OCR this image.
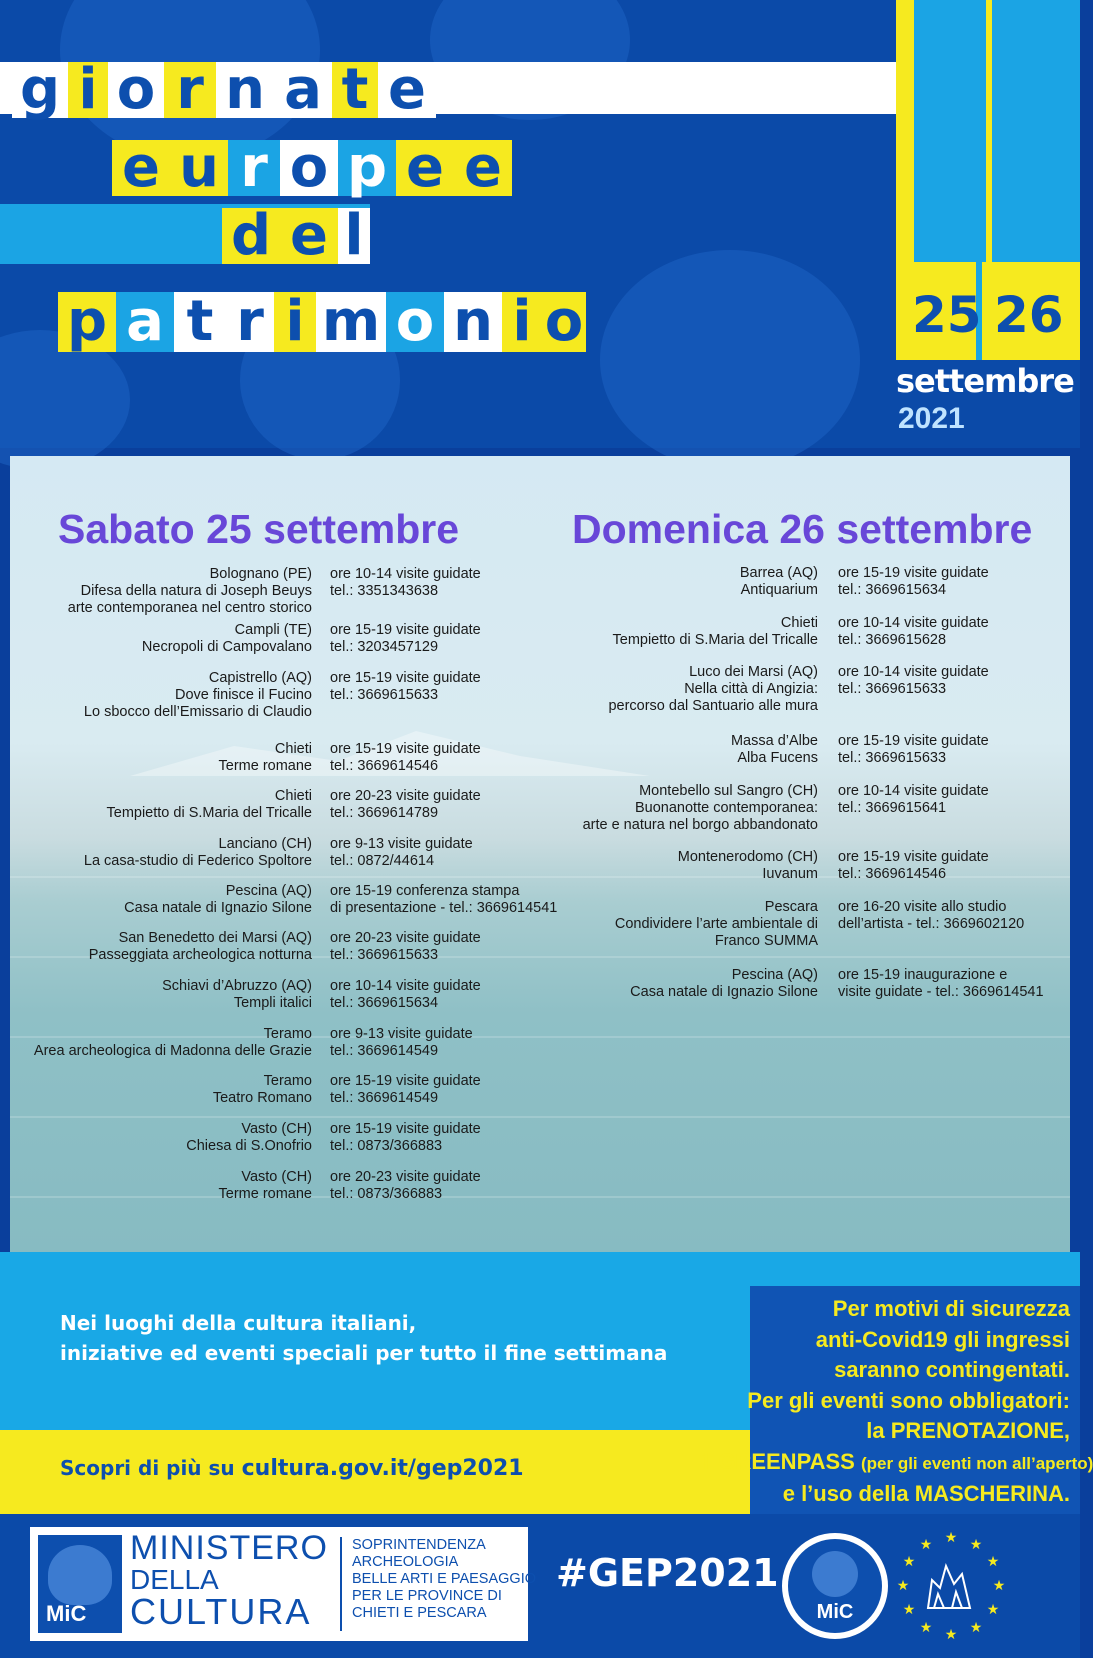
g i o r n a t e
e u r o p e e
d e l
p a t r i m o n i o	25 26
settembre
2021
Sabato 25 settembre	Domenica 26 settembre
Bolognano (PE)
Difesa della natura di Joseph Beuys
arte contemporanea nel centro storico
ore 10-14 visite guidate
tel.: 3351343638
Campli (TE)
Necropoli di Campovalano
ore 15-19 visite guidate
tel.: 3203457129
Capistrello (AQ)
Dove finisce il Fucino
Lo sbocco dell’Emissario di Claudio
ore 15-19 visite guidate
tel.: 3669615633
Chieti
Terme romane
ore 15-19 visite guidate
tel.: 3669614546
Chieti
Tempietto di S.Maria del Tricalle
ore 20-23 visite guidate
tel.: 3669614789
Lanciano (CH)
La casa-studio di Federico Spoltore
ore 9-13 visite guidate
tel.: 0872/44614
Pescina (AQ)
Casa natale di Ignazio Silone
ore 15-19 conferenza stampa
di presentazione - tel.: 3669614541
San Benedetto dei Marsi (AQ)
Passeggiata archeologica notturna
ore 20-23 visite guidate
tel.: 3669615633
Schiavi d’Abruzzo (AQ)
Templi italici
ore 10-14 visite guidate
tel.: 3669615634
Teramo
Area archeologica di Madonna delle Grazie
ore 9-13 visite guidate
tel.: 3669614549
Teramo
Teatro Romano
ore 15-19 visite guidate
tel.: 3669614549
Vasto (CH)
Chiesa di S.Onofrio
ore 15-19 visite guidate
tel.: 0873/366883
Vasto (CH)
Terme romane
ore 20-23 visite guidate
tel.: 0873/366883
Barrea (AQ)
Antiquarium
ore 15-19 visite guidate
tel.: 3669615634
Chieti
Tempietto di S.Maria del Tricalle
ore 10-14 visite guidate
tel.: 3669615628
Luco dei Marsi (AQ)
Nella città di Angizia:
percorso dal Santuario alle mura
ore 10-14 visite guidate
tel.: 3669615633
Massa d’Albe
Alba Fucens
ore 15-19 visite guidate
tel.: 3669615633
Montebello sul Sangro (CH)
Buonanotte contemporanea:
arte e natura nel borgo abbandonato
ore 10-14 visite guidate
tel.: 3669615641
Montenerodomo (CH)
Iuvanum
ore 15-19 visite guidate
tel.: 3669614546
Pescara
Condividere l’arte ambientale di
Franco SUMMA
ore 16-20 visite allo studio
dell’artista - tel.: 3669602120
Pescina (AQ)
Casa natale di Ignazio Silone
ore 15-19 inaugurazione e
visite guidate - tel.: 3669614541
Nei luoghi della cultura italiani,
iniziative ed eventi speciali per tutto il fine settimana
Scopri di più su cultura.gov.it/gep2021
Per motivi di sicurezza
anti-Covid19 gli ingressi
saranno contingentati.
Per gli eventi sono obbligatori:
la PRENOTAZIONE,
il GREENPASS (per gli eventi non all’aperto)
e l’uso della MASCHERINA.
MiC
MINISTERO
DELLA
CULTURA
SOPRINTENDENZA
ARCHEOLOGIA
BELLE ARTI E PAESAGGIO
PER LE PROVINCE DI
CHIETI E PESCARA
#GEP2021
MiC
★ ★
★
★
★
★
★
★
★
★
★
★
